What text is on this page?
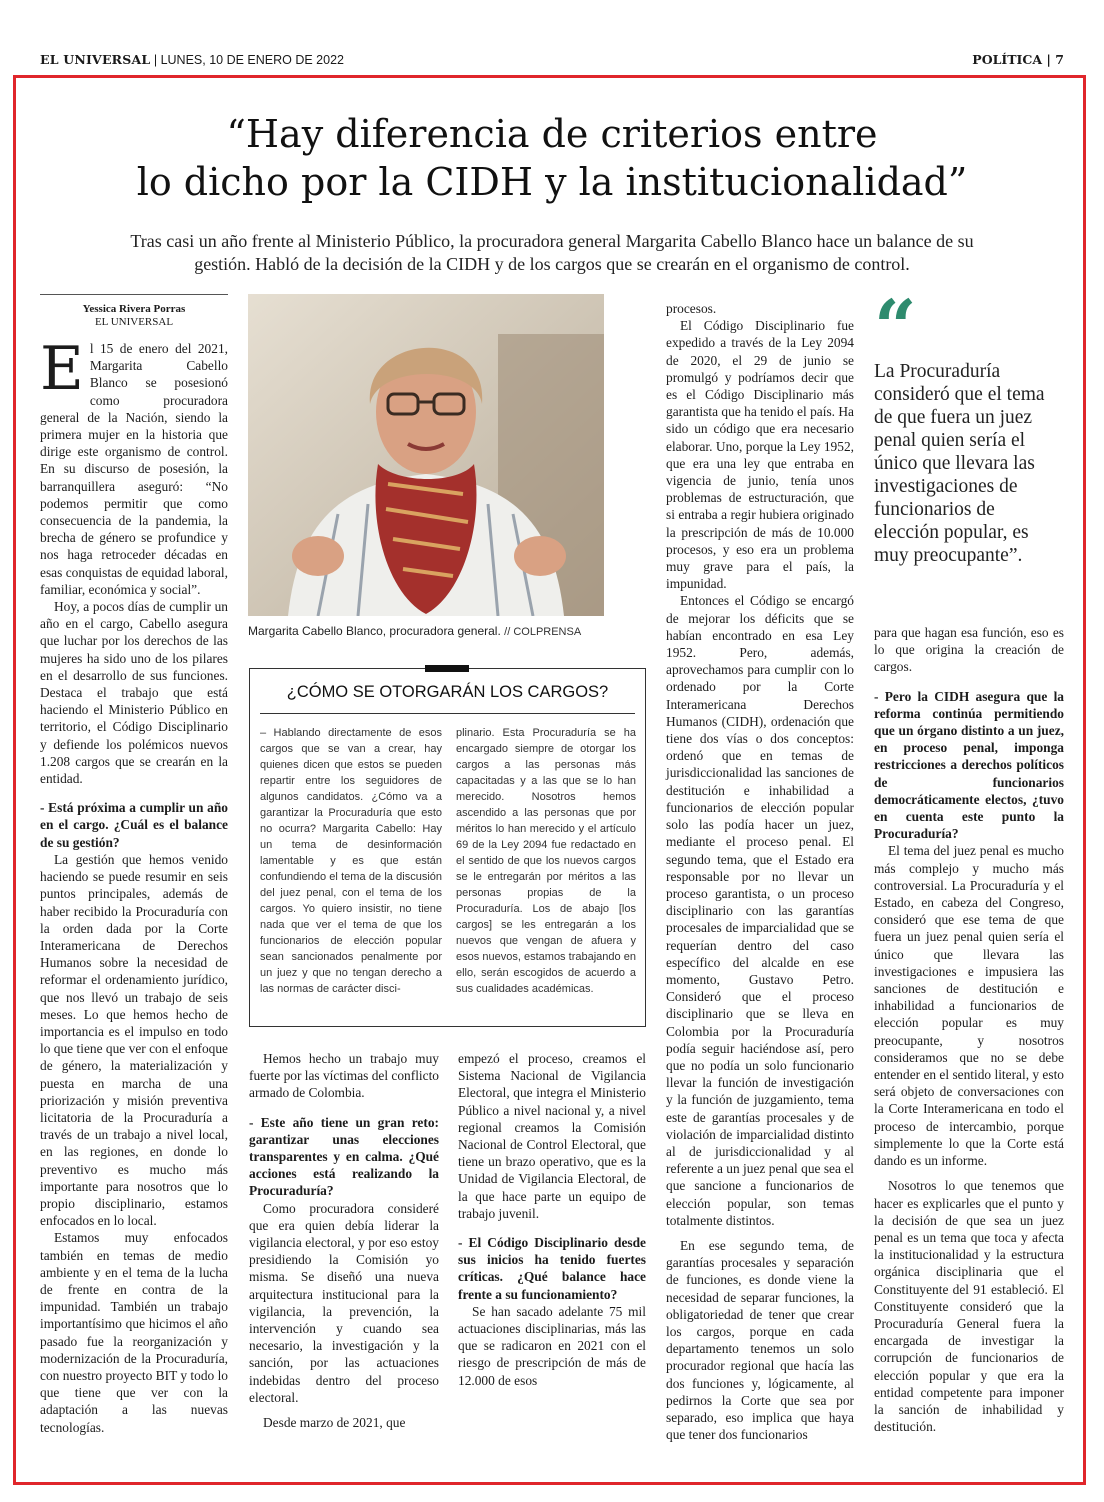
EL UNIVERSAL | LUNES, 10 DE ENERO DE 2022	POLÍTICA | 7
“Hay diferencia de criterios entre
lo dicho por la CIDH y la institucionalidad”
Tras casi un año frente al Ministerio Público, la procuradora general Margarita Cabello Blanco hace un balance de su
gestión. Habló de la decisión de la CIDH y de los cargos que se crearán en el organismo de control.
Yessica Rivera Porras
EL UNIVERSAL

El 15 de enero del 2021, Margarita Cabello Blanco se posesionó como procuradora general de la Nación, siendo la primera mujer en la historia que dirige este organismo de control. En su discurso de posesión, la barranquillera aseguró: “No podemos permitir que como consecuencia de la pandemia, la brecha de género se profundice y nos haga retroceder décadas en esas conquistas de equidad laboral, familiar, económica y social”.

Hoy, a pocos días de cumplir un año en el cargo, Cabello asegura que luchar por los derechos de las mujeres ha sido uno de los pilares en el desarrollo de sus funciones. Destaca el trabajo que está haciendo el Ministerio Público en territorio, el Código Disciplinario y defiende los polémicos nuevos 1.208 cargos que se crearán en la entidad.

- Está próxima a cumplir un año en el cargo. ¿Cuál es el balance de su gestión?

La gestión que hemos venido haciendo se puede resumir en seis puntos principales, además de haber recibido la Procuraduría con la orden dada por la Corte Interamericana de Derechos Humanos sobre la necesidad de reformar el ordenamiento jurídico, que nos llevó un trabajo de seis meses. Lo que hemos hecho de importancia es el impulso en todo lo que tiene que ver con el enfoque de género, la materialización y puesta en marcha de una priorización y misión preventiva licitatoria de la Procuraduría a través de un trabajo a nivel local, en las regiones, en donde lo preventivo es mucho más importante para nosotros que lo propio disciplinario, estamos enfocados en lo local.

Estamos muy enfocados también en temas de medio ambiente y en el tema de la lucha de frente en contra de la impunidad. También un trabajo importantísimo que hicimos el año pasado fue la reorganización y modernización de la Procuraduría, con nuestro proyecto BIT y todo lo que tiene que ver con la adaptación a las nuevas tecnologías.

Margarita Cabello Blanco, procuradora general. // COLPRENSA
¿CÓMO SE OTORGARÁN LOS CARGOS?
– Hablando directamente de esos cargos que se van a crear, hay quienes dicen que estos se pueden repartir entre los seguidores de algunos candidatos. ¿Cómo va a garantizar la Procuraduría que esto no ocurra? Margarita Cabello: Hay un tema de desinformación lamentable y es que están confundiendo el tema de la discusión del juez penal, con el tema de los cargos. Yo quiero insistir, no tiene nada que ver el tema de que los funcionarios de elección popular sean sancionados penalmente por un juez y que no tengan derecho a las normas de carácter disci-
plinario. Esta Procuraduría se ha encargado siempre de otorgar los cargos a las personas más capacitadas y a las que se lo han merecido. Nosotros hemos ascendido a las personas que por méritos lo han merecido y el artículo 69 de la Ley 2094 fue redactado en el sentido de que los nuevos cargos se le entregarán por méritos a las personas propias de la Procuraduría. Los de abajo [los cargos] se les entregarán a los nuevos que vengan de afuera y esos nuevos, estamos trabajando en ello, serán escogidos de acuerdo a sus cualidades académicas.

Hemos hecho un trabajo muy fuerte por las víctimas del conflicto armado de Colombia.

- Este año tiene un gran reto: garantizar unas elecciones transparentes y en calma. ¿Qué acciones está realizando la Procuraduría?

Como procuradora consideré que era quien debía liderar la vigilancia electoral, y por eso estoy presidiendo la Comisión yo misma. Se diseñó una nueva arquitectura institucional para la vigilancia, la prevención, la intervención y cuando sea necesario, la investigación y la sanción, por las actuaciones indebidas dentro del proceso electoral.

Desde marzo de 2021, que

empezó el proceso, creamos el Sistema Nacional de Vigilancia Electoral, que integra el Ministerio Público a nivel nacional y, a nivel regional creamos la Comisión Nacional de Control Electoral, que tiene un brazo operativo, que es la Unidad de Vigilancia Electoral, de la que hace parte un equipo de trabajo juvenil.

- El Código Disciplinario desde sus inicios ha tenido fuertes críticas. ¿Qué balance hace frente a su funcionamiento?

Se han sacado adelante 75 mil actuaciones disciplinarias, más las que se radicaron en 2021 con el riesgo de prescripción de más de 12.000 de esos

procesos.

El Código Disciplinario fue expedido a través de la Ley 2094 de 2020, el 29 de junio se promulgó y podríamos decir que es el Código Disciplinario más garantista que ha tenido el país. Ha sido un código que era necesario elaborar. Uno, porque la Ley 1952, que era una ley que entraba en vigencia de junio, tenía unos problemas de estructuración, que si entraba a regir hubiera originado la prescripción de más de 10.000 procesos, y eso era un problema muy grave para el país, la impunidad.

Entonces el Código se encargó de mejorar los déficits que se habían encontrado en esa Ley 1952. Pero, además, aprovechamos para cumplir con lo ordenado por la Corte Interamericana Derechos Humanos (CIDH), ordenación que tiene dos vías o dos conceptos: ordenó que en temas de jurisdiccionalidad las sanciones de destitución e inhabilidad a funcionarios de elección popular solo las podía hacer un juez, mediante el proceso penal. El segundo tema, que el Estado era responsable por no llevar un proceso garantista, o un proceso disciplinario con las garantías procesales de imparcialidad que se requerían dentro del caso específico del alcalde en ese momento, Gustavo Petro. Consideró que el proceso disciplinario que se lleva en Colombia por la Procuraduría podía seguir haciéndose así, pero que no podía un solo funcionario llevar la función de investigación y la función de juzgamiento, tema este de garantías procesales y de violación de imparcialidad distinto al de jurisdiccionalidad y al referente a un juez penal que sea el que sancione a funcionarios de elección popular, son temas totalmente distintos.

En ese segundo tema, de garantías procesales y separación de funciones, es donde viene la necesidad de separar funciones, la obligatoriedad de tener que crear los cargos, porque en cada departamento tenemos un solo procurador regional que hacía las dos funciones y, lógicamente, al pedirnos la Corte que sea por separado, eso implica que haya que tener dos funcionarios

“
La Procuraduría consideró que el tema de que fuera un juez penal quien sería el único que llevara las investigaciones de funcionarios de elección popular, es muy preocupante”.

para que hagan esa función, eso es lo que origina la creación de cargos.

- Pero la CIDH asegura que la reforma continúa permitiendo que un órgano distinto a un juez, en proceso penal, imponga restricciones a derechos políticos de funcionarios democráticamente electos, ¿tuvo en cuenta este punto la Procuraduría?

El tema del juez penal es mucho más complejo y mucho más controversial. La Procuraduría y el Estado, en cabeza del Congreso, consideró que ese tema de que fuera un juez penal quien sería el único que llevara las investigaciones e impusiera las sanciones de destitución e inhabilidad a funcionarios de elección popular es muy preocupante, y nosotros consideramos que no se debe entender en el sentido literal, y esto será objeto de conversaciones con la Corte Interamericana en todo el proceso de intercambio, porque simplemente lo que la Corte está dando es un informe.

Nosotros lo que tenemos que hacer es explicarles que el punto y la decisión de que sea un juez penal es un tema que toca y afecta la institucionalidad y la estructura orgánica disciplinaria que el Constituyente del 91 estableció. El Constituyente consideró que la Procuraduría General fuera la encargada de investigar la corrupción de funcionarios de elección popular y que era la entidad competente para imponer la sanción de inhabilidad y destitución.
